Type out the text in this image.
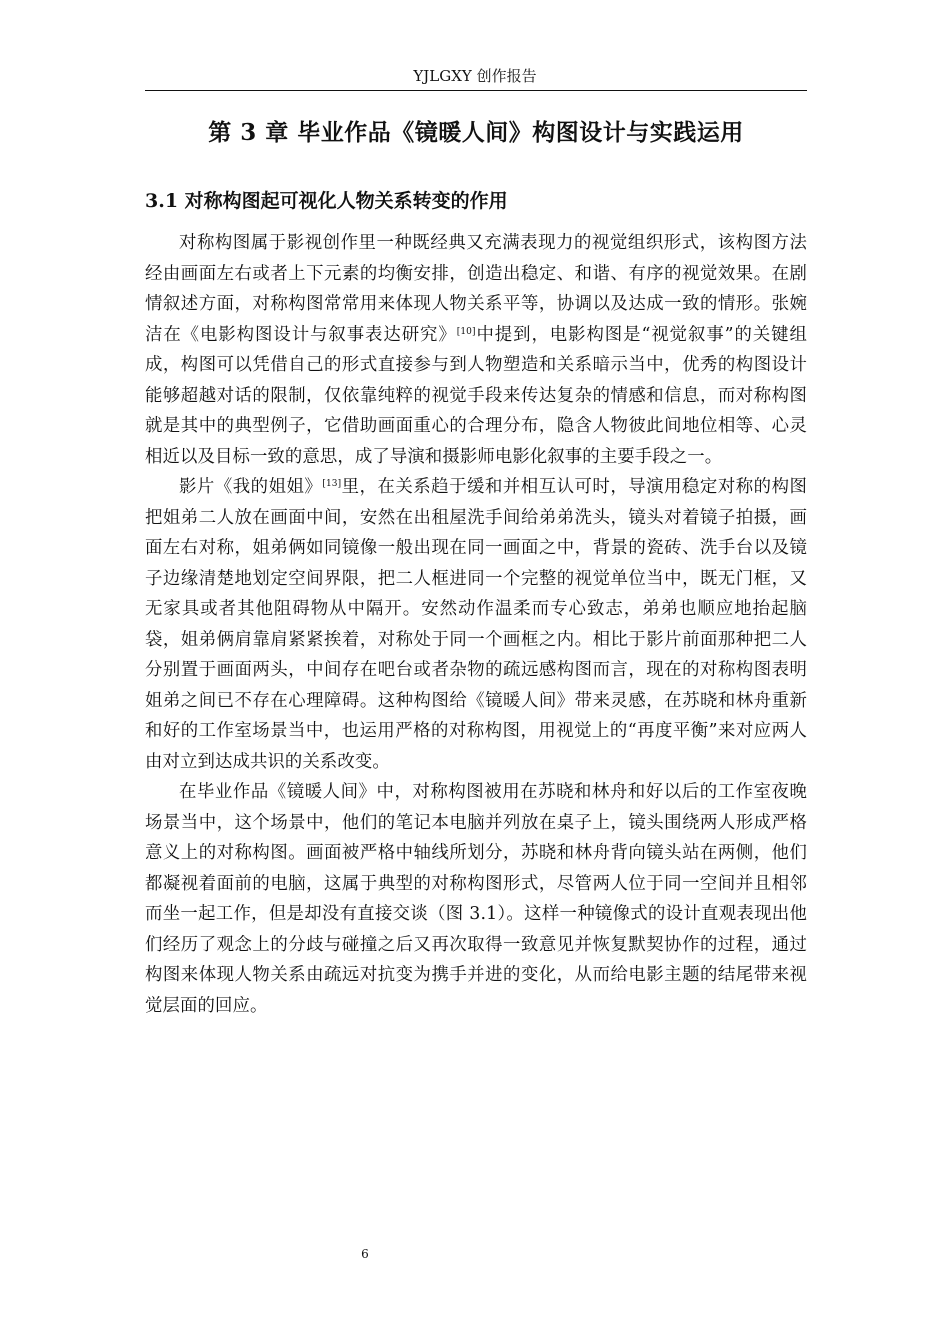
YJLGXY 创作报告
第 3 章 毕业作品《镜暖人间》构图设计与实践运用
3.1 对称构图起可视化人物关系转变的作用

对称构图属于影视创作里一种既经典又充满表现力的视觉组织形式，该构图方法经由画面左右或者上下元素的均衡安排，创造出稳定、和谐、有序的视觉效果。在剧情叙述方面，对称构图常常用来体现人物关系平等，协调以及达成一致的情形。张婉洁在《电影构图设计与叙事表达研究》[10]中提到，电影构图是“视觉叙事”的关键组成，构图可以凭借自己的形式直接参与到人物塑造和关系暗示当中，优秀的构图设计能够超越对话的限制，仅依靠纯粹的视觉手段来传达复杂的情感和信息，而对称构图就是其中的典型例子，它借助画面重心的合理分布，隐含人物彼此间地位相等、心灵相近以及目标一致的意思，成了导演和摄影师电影化叙事的主要手段之一。

影片《我的姐姐》[13]里，在关系趋于缓和并相互认可时，导演用稳定对称的构图把姐弟二人放在画面中间，安然在出租屋洗手间给弟弟洗头，镜头对着镜子拍摄，画面左右对称，姐弟俩如同镜像一般出现在同一画面之中，背景的瓷砖、洗手台以及镜子边缘清楚地划定空间界限，把二人框进同一个完整的视觉单位当中，既无门框，又无家具或者其他阻碍物从中隔开。安然动作温柔而专心致志，弟弟也顺应地抬起脑袋，姐弟俩肩靠肩紧紧挨着，对称处于同一个画框之内。相比于影片前面那种把二人分别置于画面两头，中间存在吧台或者杂物的疏远感构图而言，现在的对称构图表明姐弟之间已不存在心理障碍。这种构图给《镜暖人间》带来灵感，在苏晓和林舟重新和好的工作室场景当中，也运用严格的对称构图，用视觉上的“再度平衡”来对应两人由对立到达成共识的关系改变。

在毕业作品《镜暖人间》中，对称构图被用在苏晓和林舟和好以后的工作室夜晚场景当中，这个场景中，他们的笔记本电脑并列放在桌子上，镜头围绕两人形成严格意义上的对称构图。画面被严格中轴线所划分，苏晓和林舟背向镜头站在两侧，他们都凝视着面前的电脑，这属于典型的对称构图形式，尽管两人位于同一空间并且相邻而坐一起工作，但是却没有直接交谈（图 3.1）。这样一种镜像式的设计直观表现出他们经历了观念上的分歧与碰撞之后又再次取得一致意见并恢复默契协作的过程，通过构图来体现人物关系由疏远对抗变为携手并进的变化，从而给电影主题的结尾带来视觉层面的回应。

6
